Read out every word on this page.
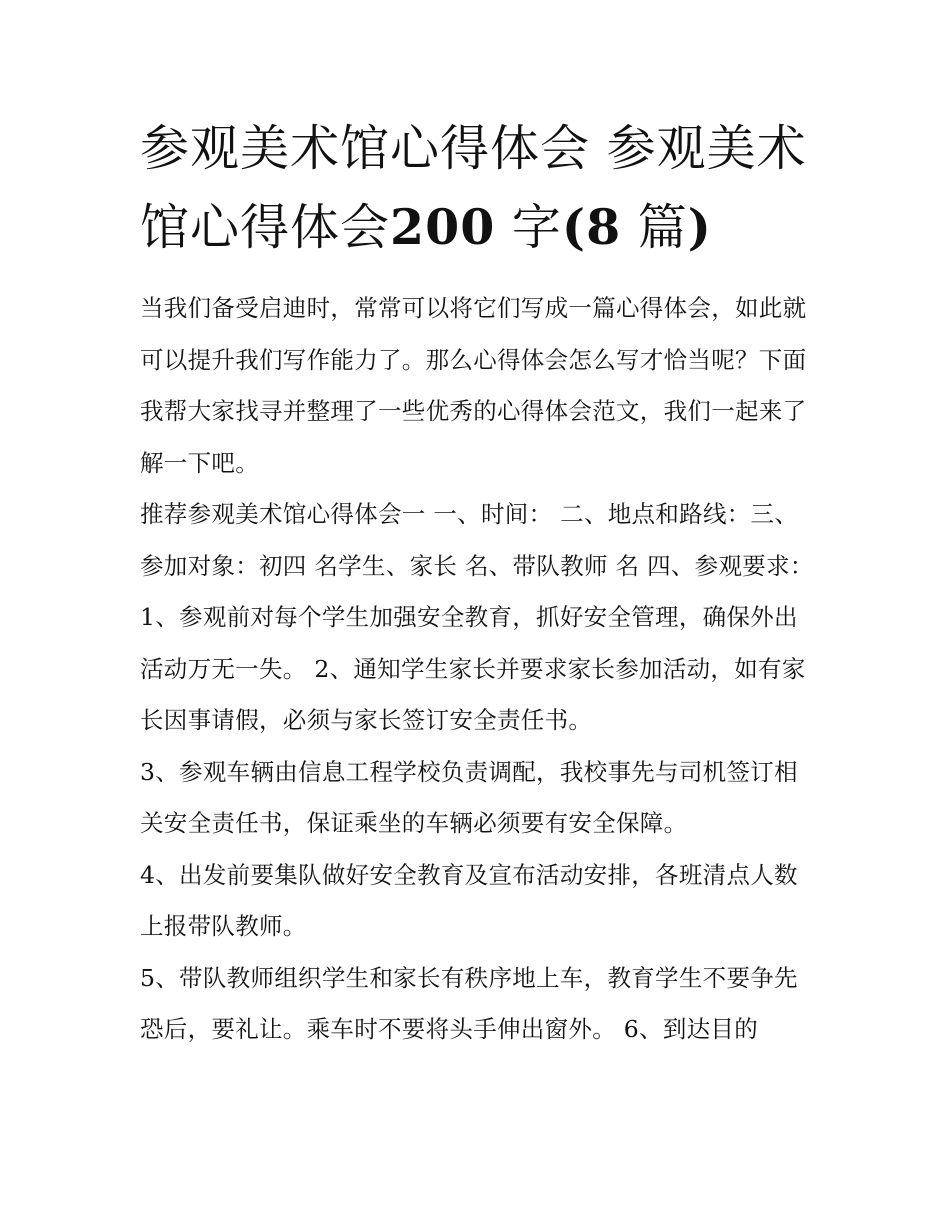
参观美术馆心得体会 参观美术馆心得体会200 字(8 篇)

当我们备受启迪时，常常可以将它们写成一篇心得体会，如此就可以提升我们写作能力了。那么心得体会怎么写才恰当呢？下面我帮大家找寻并整理了一些优秀的心得体会范文，我们一起来了解一下吧。

推荐参观美术馆心得体会一 一、时间： 二、地点和路线：三、参加对象：初四 名学生、家长 名、带队教师 名 四、参观要求：

1、参观前对每个学生加强安全教育，抓好安全管理，确保外出活动万无一失。 2、通知学生家长并要求家长参加活动，如有家长因事请假，必须与家长签订安全责任书。

3、参观车辆由信息工程学校负责调配，我校事先与司机签订相关安全责任书，保证乘坐的车辆必须要有安全保障。

4、出发前要集队做好安全教育及宣布活动安排，各班清点人数上报带队教师。

5、带队教师组织学生和家长有秩序地上车，教育学生不要争先恐后，要礼让。乘车时不要将头手伸出窗外。 6、到达目的
